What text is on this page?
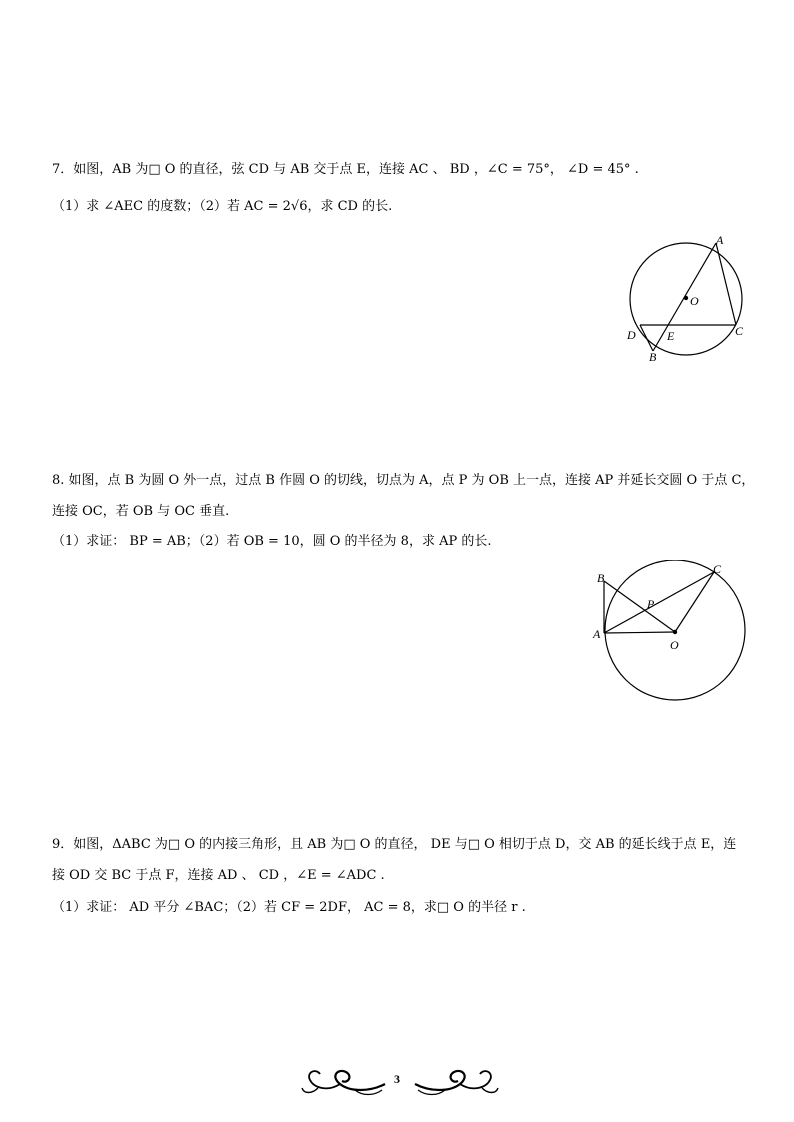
7．如图，AB 为□ O 的直径，弦 CD 与 AB 交于点 E，连接 AC 、 BD ，∠C = 75°， ∠D = 45° .
（1）求 ∠AEC 的度数；（2）若 AC = 2√6，求 CD 的长.
A
O
D	E	C
B
8. 如图，点 B 为圆 O 外一点，过点 B 作圆 O 的切线，切点为 A，点 P 为 OB 上一点，连接 AP 并延长交圆 O 于点 C，
连接 OC，若 OB 与 OC 垂直.
（1）求证： BP = AB；（2）若 OB = 10，圆 O 的半径为 8，求 AP 的长.
B
C
P
A
O
9．如图，ΔABC 为□ O 的内接三角形，且 AB 为□ O 的直径， DE 与□ O 相切于点 D，交 AB 的延长线于点 E，连
接 OD 交 BC 于点 F，连接 AD 、 CD ，∠E = ∠ADC .
（1）求证： AD 平分 ∠BAC；（2）若 CF = 2DF， AC = 8，求□ O 的半径 r .
3
